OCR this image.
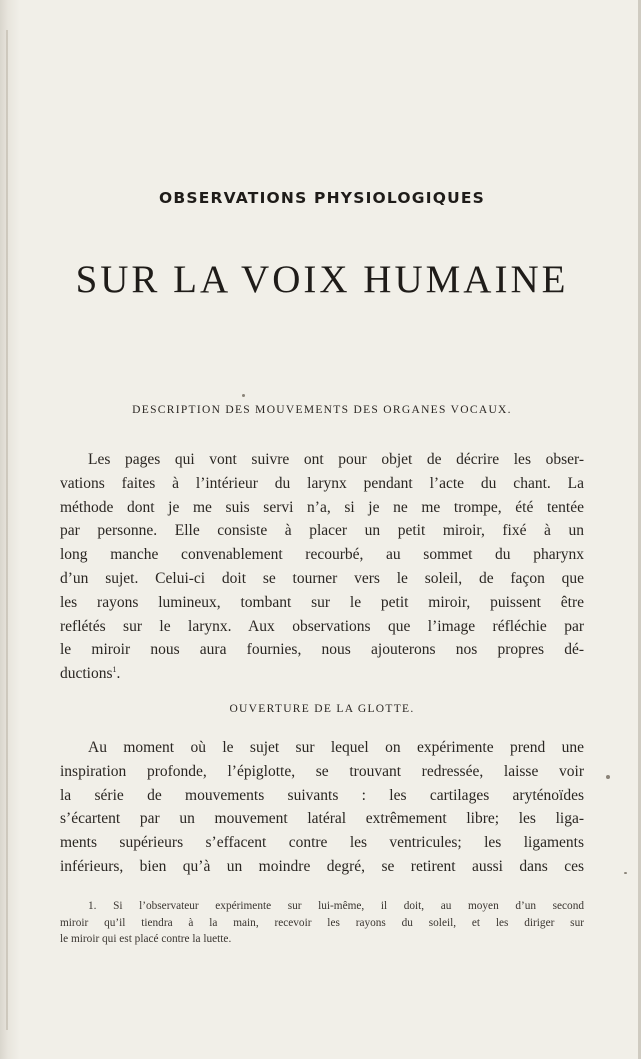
OBSERVATIONS PHYSIOLOGIQUES
SUR LA VOIX HUMAINE
DESCRIPTION DES MOUVEMENTS DES ORGANES VOCAUX.
Les pages qui vont suivre ont pour objet de décrire les obser-
vations faites à l’intérieur du larynx pendant l’acte du chant. La
méthode dont je me suis servi n’a, si je ne me trompe, été tentée
par personne. Elle consiste à placer un petit miroir, fixé à un
long manche convenablement recourbé, au sommet du pharynx
d’un sujet. Celui-ci doit se tourner vers le soleil, de façon que
les rayons lumineux, tombant sur le petit miroir, puissent être
reflétés sur le larynx. Aux observations que l’image réfléchie par
le miroir nous aura fournies, nous ajouterons nos propres dé-
ductions$^1$.
OUVERTURE DE LA GLOTTE.
Au moment où le sujet sur lequel on expérimente prend une
inspiration profonde, l’épiglotte, se trouvant redressée, laisse voir
la série de mouvements suivants : les cartilages aryténoïdes
s’écartent par un mouvement latéral extrêmement libre; les liga-
ments supérieurs s’effacent contre les ventricules; les ligaments
inférieurs, bien qu’à un moindre degré, se retirent aussi dans ces
1. Si l’observateur expérimente sur lui-même, il doit, au moyen d’un second
miroir qu’il tiendra à la main, recevoir les rayons du soleil, et les diriger sur
le miroir qui est placé contre la luette.
